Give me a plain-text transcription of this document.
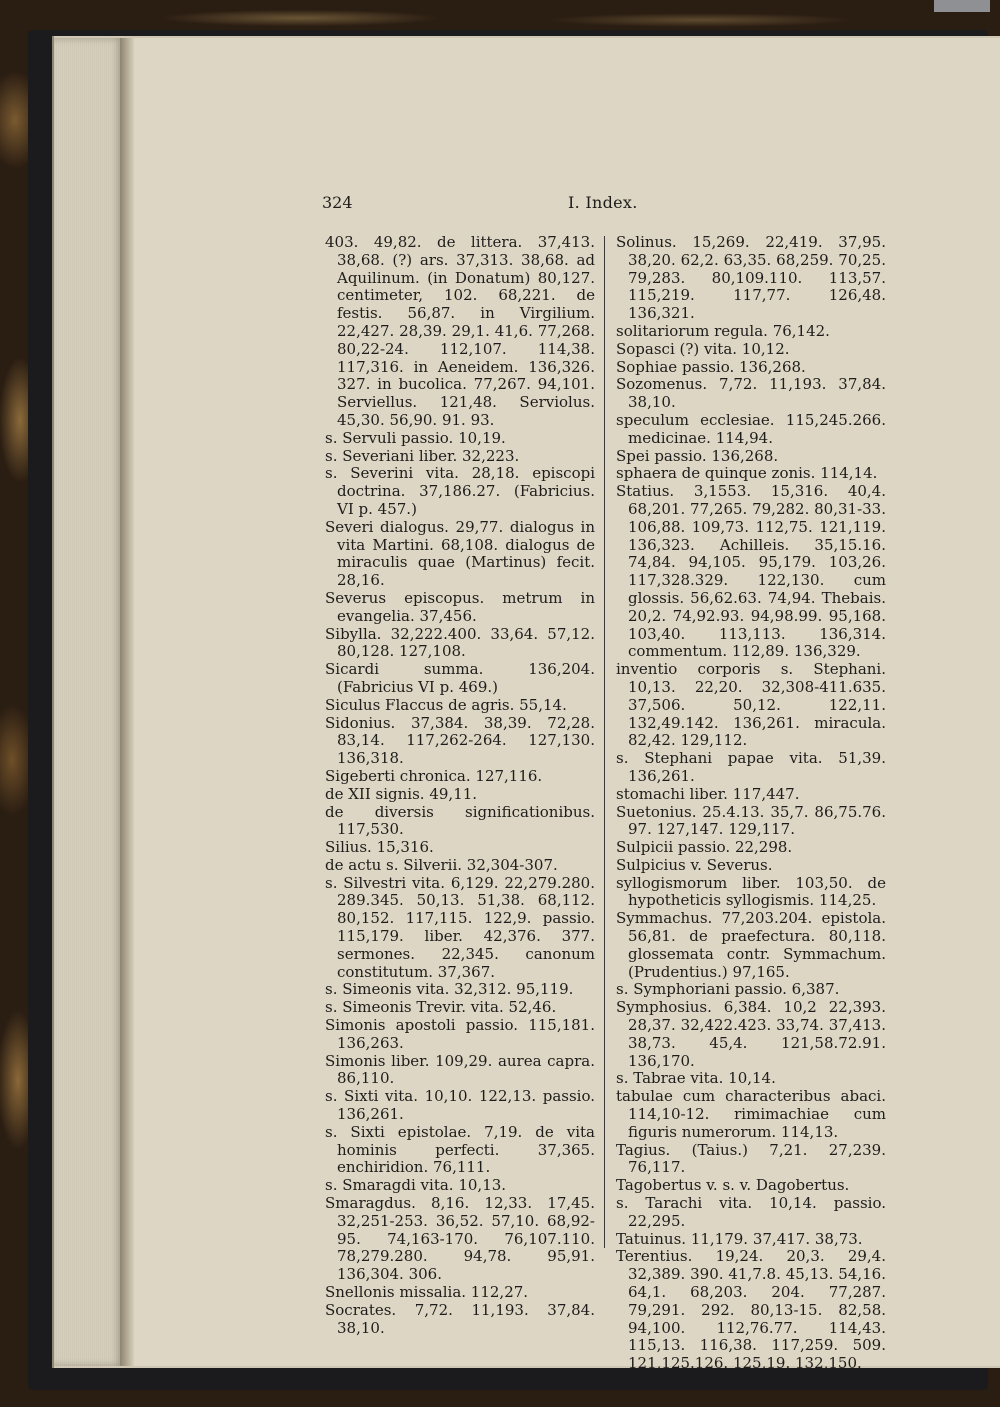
324	I. Index.

403. 49,82. de littera. 37,413. 38,68. (?) ars. 37,313. 38,68. ad Aquilinum. (in Donatum) 80,127. centimeter, 102. 68,221. de festis. 56,87. in Virgilium. 22,427. 28,39. 29,1. 41,6. 77,268. 80,22-24. 112,107. 114,38. 117,316. in Aeneidem. 136,326. 327. in bucolica. 77,267. 94,101. Serviellus. 121,48. Serviolus. 45,30. 56,90. 91. 93.

s. Servuli passio. 10,19.

s. Severiani liber. 32,223.

s. Severini vita. 28,18. episcopi doctrina. 37,186.27. (Fabricius. VI p. 457.)

Severi dialogus. 29,77. dialogus in vita Martini. 68,108. dialogus de miraculis quae (Martinus) fecit. 28,16.

Severus episcopus. metrum in evangelia. 37,456.

Sibylla. 32,222.400. 33,64. 57,12. 80,128. 127,108.

Sicardi summa. 136,204. (Fabricius VI p. 469.)

Siculus Flaccus de agris. 55,14.

Sidonius. 37,384. 38,39. 72,28. 83,14. 117,262-264. 127,130. 136,318.

Sigeberti chronica. 127,116.

de XII signis. 49,11.

de diversis significationibus. 117,530.

Silius. 15,316.

de actu s. Silverii. 32,304-307.

s. Silvestri vita. 6,129. 22,279.280. 289.345. 50,13. 51,38. 68,112. 80,152. 117,115. 122,9. passio. 115,179. liber. 42,376. 377. sermones. 22,345. canonum constitutum. 37,367.

s. Simeonis vita. 32,312. 95,119.

s. Simeonis Trevir. vita. 52,46.

Simonis apostoli passio. 115,181. 136,263.

Simonis liber. 109,29. aurea capra. 86,110.

s. Sixti vita. 10,10. 122,13. passio. 136,261.

s. Sixti epistolae. 7,19. de vita hominis perfecti. 37,365. enchiridion. 76,111.

s. Smaragdi vita. 10,13.

Smaragdus. 8,16. 12,33. 17,45. 32,251-253. 36,52. 57,10. 68,92-95. 74,163-170. 76,107.110. 78,279.280. 94,78. 95,91. 136,304. 306.

Snellonis missalia. 112,27.

Socrates. 7,72. 11,193. 37,84. 38,10.

Solinus. 15,269. 22,419. 37,95. 38,20. 62,2. 63,35. 68,259. 70,25. 79,283. 80,109.110. 113,57. 115,219. 117,77. 126,48. 136,321.

solitariorum regula. 76,142.

Sopasci (?) vita. 10,12.

Sophiae passio. 136,268.

Sozomenus. 7,72. 11,193. 37,84. 38,10.

speculum ecclesiae. 115,245.266. medicinae. 114,94.

Spei passio. 136,268.

sphaera de quinque zonis. 114,14.

Statius. 3,1553. 15,316. 40,4. 68,201. 77,265. 79,282. 80,31-33. 106,88. 109,73. 112,75. 121,119. 136,323. Achilleis. 35,15.16. 74,84. 94,105. 95,179. 103,26. 117,328.329. 122,130. cum glossis. 56,62.63. 74,94. Thebais. 20,2. 74,92.93. 94,98.99. 95,168. 103,40. 113,113. 136,314. commentum. 112,89. 136,329.

inventio corporis s. Stephani. 10,13. 22,20. 32,308-411.635. 37,506. 50,12. 122,11. 132,49.142. 136,261. miracula. 82,42. 129,112.

s. Stephani papae vita. 51,39. 136,261.

stomachi liber. 117,447.

Suetonius. 25.4.13. 35,7. 86,75.76. 97. 127,147. 129,117.

Sulpicii passio. 22,298.

Sulpicius v. Severus.

syllogismorum liber. 103,50. de hypotheticis syllogismis. 114,25.

Symmachus. 77,203.204. epistola. 56,81. de praefectura. 80,118. glossemata contr. Symmachum. (Prudentius.) 97,165.

s. Symphoriani passio. 6,387.

Symphosius. 6,384. 10,2 22,393. 28,37. 32,422.423. 33,74. 37,413. 38,73. 45,4. 121,58.72.91. 136,170.

s. Tabrae vita. 10,14.

tabulae cum characteribus abaci. 114,10-12. rimimachiae cum figuris numerorum. 114,13.

Tagius. (Taius.) 7,21. 27,239. 76,117.

Tagobertus v. s. v. Dagobertus.

s. Tarachi vita. 10,14. passio. 22,295.

Tatuinus. 11,179. 37,417. 38,73.

Terentius. 19,24. 20,3. 29,4. 32,389. 390. 41,7.8. 45,13. 54,16. 64,1. 68,203. 204. 77,287. 79,291. 292. 80,13-15. 82,58. 94,100. 112,76.77. 114,43. 115,13. 116,38. 117,259. 509. 121,125.126. 125,19. 132,150.
